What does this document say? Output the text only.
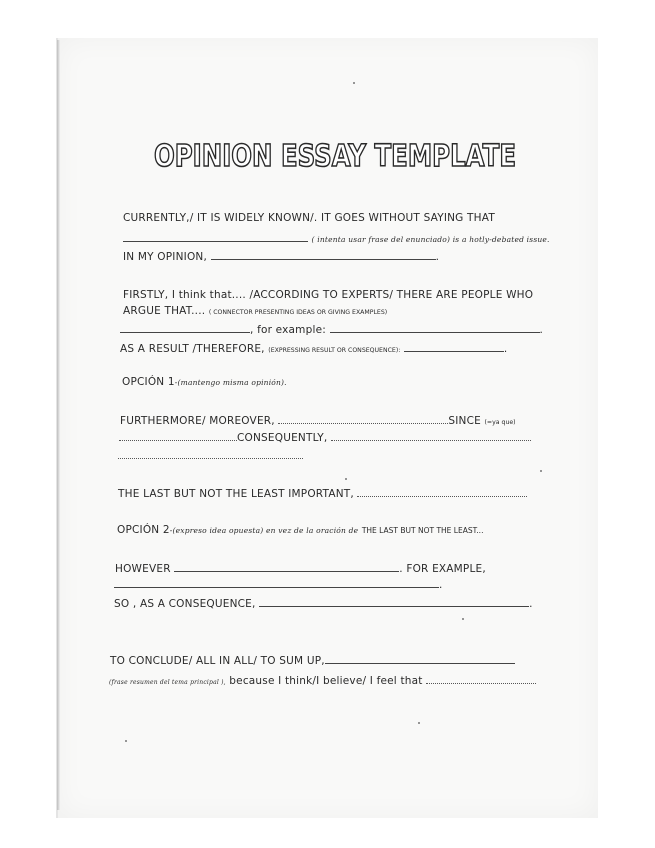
OPINION ESSAY TEMPLATE
CURRENTLY,/ IT IS WIDELY KNOWN/. IT GOES WITHOUT SAYING THAT
( intenta usar frase del enunciado) is a hotly-debated issue.
IN MY OPINION,	.
FIRSTLY, I think that.... /ACCORDING TO EXPERTS/ THERE ARE PEOPLE WHO
ARGUE THAT.... ( CONNECTOR PRESENTING IDEAS OR GIVING EXAMPLES)
, for example:	.
AS A RESULT /THEREFORE, (EXPRESSING RESULT OR CONSEQUENCE):	.
OPCIÓN 1-(mantengo misma opinión).
FURTHERMORE/ MOREOVER,	SINCE (=ya que)
CONSEQUENTLY,
THE LAST BUT NOT THE LEAST IMPORTANT,
OPCIÓN 2-(expreso idea opuesta) en vez de la oración de THE LAST BUT NOT THE LEAST...
HOWEVER	. FOR EXAMPLE,
.
SO , AS A CONSEQUENCE,	.
TO CONCLUDE/ ALL IN ALL/ TO SUM UP,
(frase resumen del tema principal ), because I think/I believe/ I feel that
